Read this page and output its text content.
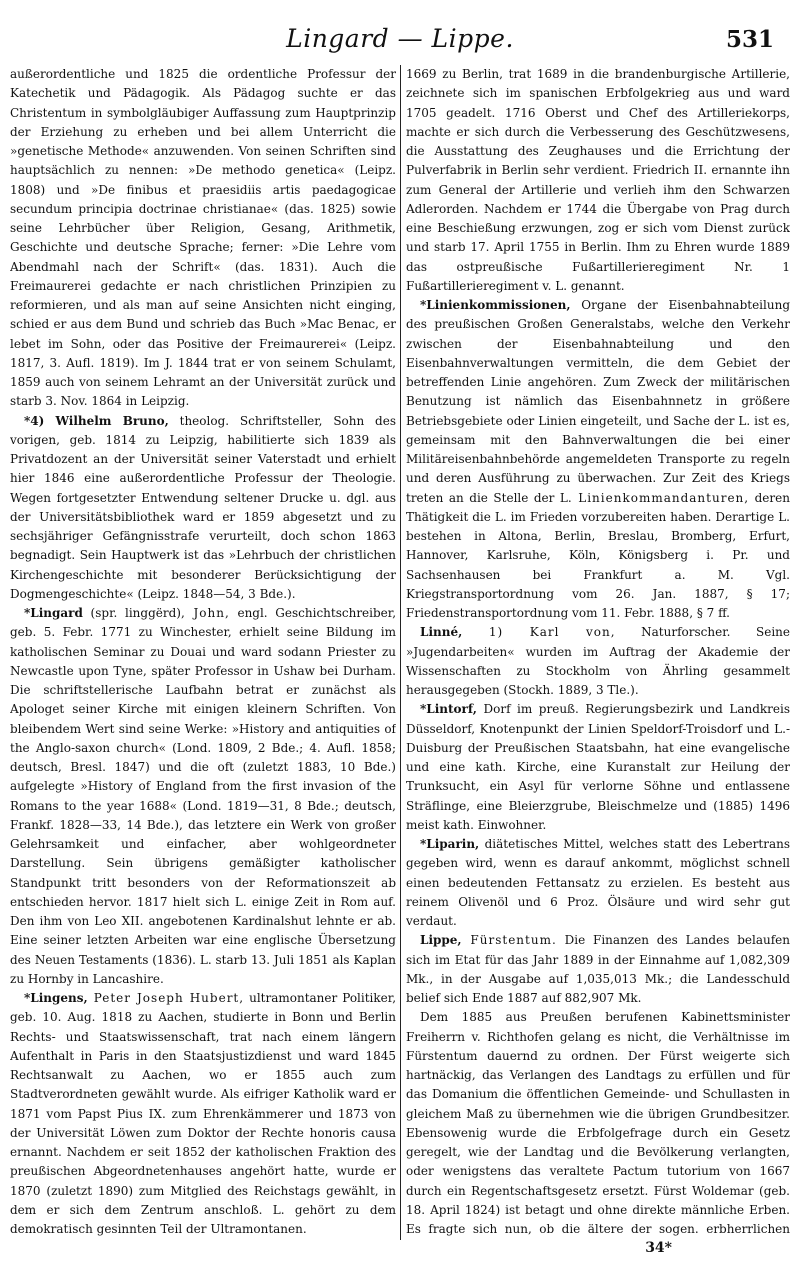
Lingard — Lippe.	531

außerordentliche und 1825 die ordentliche Professur der Katechetik und Pädagogik. Als Pädagog suchte er das Christentum in symbolgläubiger Auffassung zum Hauptprinzip der Erziehung zu erheben und bei allem Unterricht die »genetische Methode« anzuwenden. Von seinen Schriften sind hauptsächlich zu nennen: »De methodo genetica« (Leipz. 1808) und »De finibus et praesidiis artis paedagogicae secundum principia doctrinae christianae« (das. 1825) sowie seine Lehrbücher über Religion, Gesang, Arithmetik, Geschichte und deutsche Sprache; ferner: »Die Lehre vom Abendmahl nach der Schrift« (das. 1831). Auch die Freimaurerei gedachte er nach christlichen Prinzipien zu reformieren, und als man auf seine Ansichten nicht einging, schied er aus dem Bund und schrieb das Buch »Mac Benac, er lebet im Sohn, oder das Positive der Freimaurerei« (Leipz. 1817, 3. Aufl. 1819). Im J. 1844 trat er von seinem Schulamt, 1859 auch von seinem Lehramt an der Universität zurück und starb 3. Nov. 1864 in Leipzig.

*4) Wilhelm Bruno, theolog. Schriftsteller, Sohn des vorigen, geb. 1814 zu Leipzig, habilitierte sich 1839 als Privatdozent an der Universität seiner Vaterstadt und erhielt hier 1846 eine außerordentliche Professur der Theologie. Wegen fortgesetzter Entwendung seltener Drucke u. dgl. aus der Universitätsbibliothek ward er 1859 abgesetzt und zu sechsjähriger Gefängnisstrafe verurteilt, doch schon 1863 begnadigt. Sein Hauptwerk ist das »Lehrbuch der christlichen Kirchengeschichte mit besonderer Berücksichtigung der Dogmengeschichte« (Leipz. 1848—54, 3 Bde.).

*Lingard (spr. linggërd), John, engl. Geschichtschreiber, geb. 5. Febr. 1771 zu Winchester, erhielt seine Bildung im katholischen Seminar zu Douai und ward sodann Priester zu Newcastle upon Tyne, später Professor in Ushaw bei Durham. Die schriftstellerische Laufbahn betrat er zunächst als Apologet seiner Kirche mit einigen kleinern Schriften. Von bleibendem Wert sind seine Werke: »History and antiquities of the Anglo-saxon church« (Lond. 1809, 2 Bde.; 4. Aufl. 1858; deutsch, Bresl. 1847) und die oft (zuletzt 1883, 10 Bde.) aufgelegte »History of England from the first invasion of the Romans to the year 1688« (Lond. 1819—31, 8 Bde.; deutsch, Frankf. 1828—33, 14 Bde.), das letztere ein Werk von großer Gelehrsamkeit und einfacher, aber wohlgeordneter Darstellung. Sein übrigens gemäßigter katholischer Standpunkt tritt besonders von der Reformationszeit ab entschieden hervor. 1817 hielt sich L. einige Zeit in Rom auf. Den ihm von Leo XII. angebotenen Kardinalshut lehnte er ab. Eine seiner letzten Arbeiten war eine englische Übersetzung des Neuen Testaments (1836). L. starb 13. Juli 1851 als Kaplan zu Hornby in Lancashire.

*Lingens, Peter Joseph Hubert, ultramontaner Politiker, geb. 10. Aug. 1818 zu Aachen, studierte in Bonn und Berlin Rechts- und Staatswissenschaft, trat nach einem längern Aufenthalt in Paris in den Staatsjustizdienst und ward 1845 Rechtsanwalt zu Aachen, wo er 1855 auch zum Stadtverordneten gewählt wurde. Als eifriger Katholik ward er 1871 vom Papst Pius IX. zum Ehrenkämmerer und 1873 von der Universität Löwen zum Doktor der Rechte honoris causa ernannt. Nachdem er seit 1852 der katholischen Fraktion des preußischen Abgeordnetenhauses angehört hatte, wurde er 1870 (zuletzt 1890) zum Mitglied des Reichstags gewählt, in dem er sich dem Zentrum anschloß. L. gehört zu dem demokratisch gesinnten Teil der Ultramontanen.

1669 zu Berlin, trat 1689 in die brandenburgische Artillerie, zeichnete sich im spanischen Erbfolgekrieg aus und ward 1705 geadelt. 1716 Oberst und Chef des Artilleriekorps, machte er sich durch die Verbesserung des Geschützwesens, die Ausstattung des Zeughauses und die Errichtung der Pulverfabrik in Berlin sehr verdient. Friedrich II. ernannte ihn zum General der Artillerie und verlieh ihm den Schwarzen Adlerorden. Nachdem er 1744 die Übergabe von Prag durch eine Beschießung erzwungen, zog er sich vom Dienst zurück und starb 17. April 1755 in Berlin. Ihm zu Ehren wurde 1889 das ostpreußische Fußartillerieregiment Nr. 1 Fußartillerieregiment v. L. genannt.

*Linienkommissionen, Organe der Eisenbahnabteilung des preußischen Großen Generalstabs, welche den Verkehr zwischen der Eisenbahnabteilung und den Eisenbahnverwaltungen vermitteln, die dem Gebiet der betreffenden Linie angehören. Zum Zweck der militärischen Benutzung ist nämlich das Eisenbahnnetz in größere Betriebsgebiete oder Linien eingeteilt, und Sache der L. ist es, gemeinsam mit den Bahnverwaltungen die bei einer Militäreisenbahnbehörde angemeldeten Transporte zu regeln und deren Ausführung zu überwachen. Zur Zeit des Kriegs treten an die Stelle der L. Linienkommandanturen, deren Thätigkeit die L. im Frieden vorzubereiten haben. Derartige L. bestehen in Altona, Berlin, Breslau, Bromberg, Erfurt, Hannover, Karlsruhe, Köln, Königsberg i. Pr. und Sachsenhausen bei Frankfurt a. M. Vgl. Kriegstransportordnung vom 26. Jan. 1887, § 17; Friedenstransportordnung vom 11. Febr. 1888, § 7 ff.

Linné, 1) Karl von, Naturforscher. Seine »Jugendarbeiten« wurden im Auftrag der Akademie der Wissenschaften zu Stockholm von Ährling gesammelt herausgegeben (Stockh. 1889, 3 Tle.).

*Lintorf, Dorf im preuß. Regierungsbezirk und Landkreis Düsseldorf, Knotenpunkt der Linien Speldorf-Troisdorf und L.-Duisburg der Preußischen Staatsbahn, hat eine evangelische und eine kath. Kirche, eine Kuranstalt zur Heilung der Trunksucht, ein Asyl für verlorne Söhne und entlassene Sträflinge, eine Bleierzgrube, Bleischmelze und (1885) 1496 meist kath. Einwohner.

*Liparin, diätetisches Mittel, welches statt des Lebertrans gegeben wird, wenn es darauf ankommt, möglichst schnell einen bedeutenden Fettansatz zu erzielen. Es besteht aus reinem Olivenöl und 6 Proz. Ölsäure und wird sehr gut verdaut.

Lippe, Fürstentum. Die Finanzen des Landes belaufen sich im Etat für das Jahr 1889 in der Einnahme auf 1,082,309 Mk., in der Ausgabe auf 1,035,013 Mk.; die Landesschuld belief sich Ende 1887 auf 882,907 Mk.

Dem 1885 aus Preußen berufenen Kabinettsminister Freiherrn v. Richthofen gelang es nicht, die Verhältnisse im Fürstentum dauernd zu ordnen. Der Fürst weigerte sich hartnäckig, das Verlangen des Landtags zu erfüllen und für das Domanium die öffentlichen Gemeinde- und Schullasten in gleichem Maß zu übernehmen wie die übrigen Grundbesitzer. Ebensowenig wurde die Erbfolgefrage durch ein Gesetz geregelt, wie der Landtag und die Bevölkerung verlangten, oder wenigstens das veraltete Pactum tutorium von 1667 durch ein Regentschaftsgesetz ersetzt. Fürst Woldemar (geb. 18. April 1824) ist betagt und ohne direkte männliche Erben. Es fragte sich nun, ob die ältere der sogen. erbherrlichen

34*
